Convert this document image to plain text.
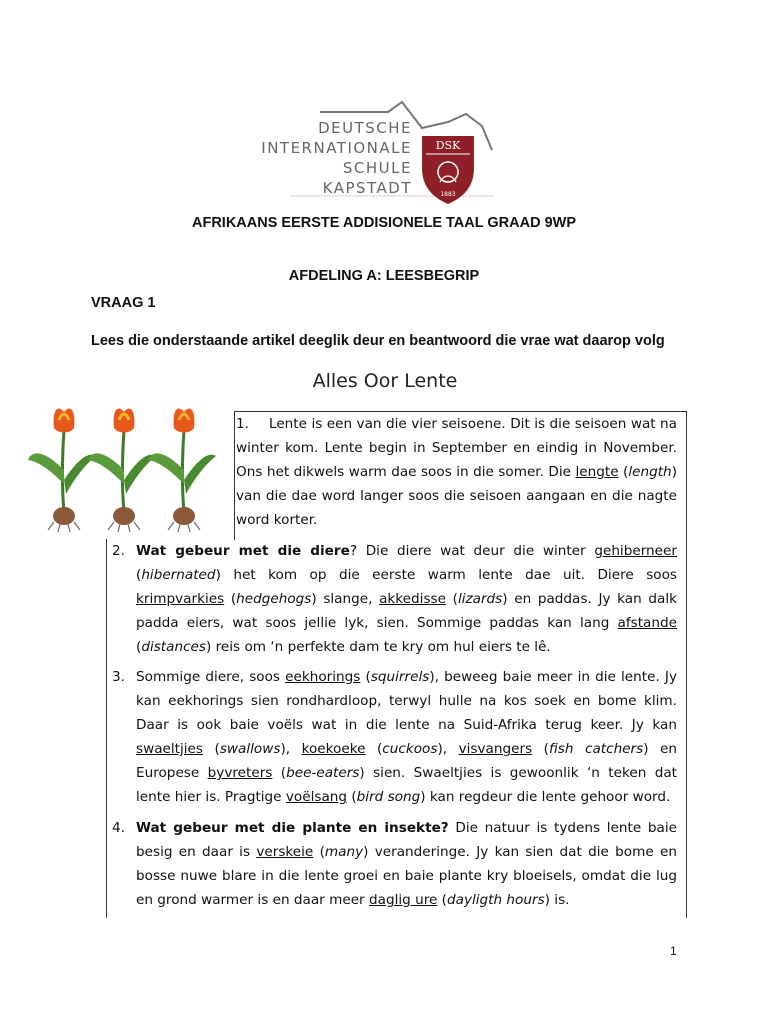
DEUTSCHE
INTERNATIONALE
SCHULE
KAPSTADT
DSK
1883
AFRIKAANS EERSTE ADDISIONELE TAAL GRAAD 9WP
AFDELING A: LEESBEGRIP
VRAAG 1
Lees die onderstaande artikel deeglik deur en beantwoord die vrae wat daarop volg
Alles Oor Lente
1. Lente is een van die vier seisoene. Dit is die seisoen wat na winter kom. Lente begin in September en eindig in November. Ons het dikwels warm dae soos in die somer. Die lengte (length) van die dae word langer soos die seisoen aangaan en die nagte word korter.
2. Wat gebeur met die diere? Die diere wat deur die winter gehiberneer (hibernated) het kom op die eerste warm lente dae uit. Diere soos krimpvarkies (hedgehogs) slange, akkedisse (lizards) en paddas. Jy kan dalk padda eiers, wat soos jellie lyk, sien. Sommige paddas kan lang afstande (distances) reis om ‘n perfekte dam te kry om hul eiers te lê.
3. Sommige diere, soos eekhorings (squirrels), beweeg baie meer in die lente. Jy kan eekhorings sien rondhardloop, terwyl hulle na kos soek en bome klim. Daar is ook baie voëls wat in die lente na Suid-Afrika terug keer. Jy kan swaeltjies (swallows), koekoeke (cuckoos), visvangers (fish catchers) en Europese byvreters (bee-eaters) sien. Swaeltjies is gewoonlik ‘n teken dat lente hier is. Pragtige voëlsang (bird song) kan regdeur die lente gehoor word.
4. Wat gebeur met die plante en insekte? Die natuur is tydens lente baie besig en daar is verskeie (many) veranderinge. Jy kan sien dat die bome en bosse nuwe blare in die lente groei en baie plante kry bloeisels, omdat die lug en grond warmer is en daar meer daglig ure (dayligth hours) is.
1
